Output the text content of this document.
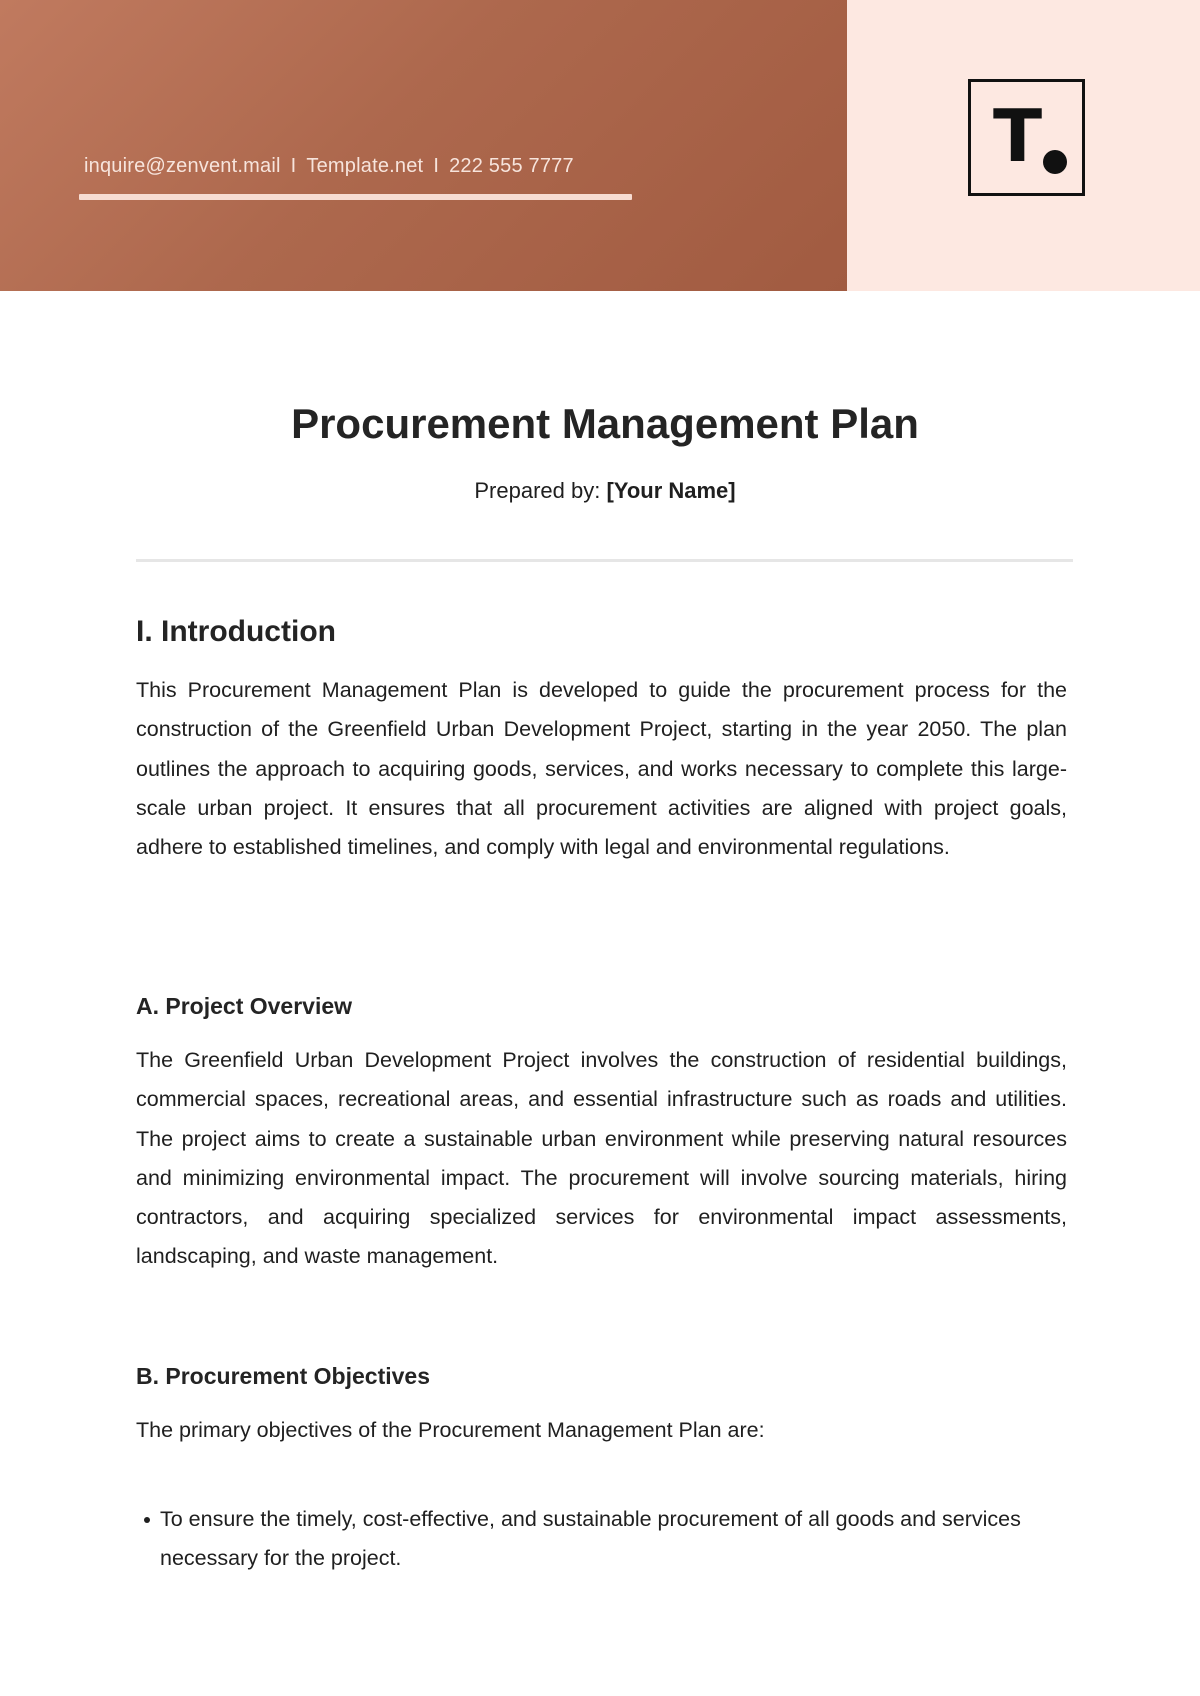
inquire@zenvent.mail I Template.net I 222 555 7777	T
Procurement Management Plan
Prepared by: [Your Name]
I. Introduction

This Procurement Management Plan is developed to guide the procurement process for the construction of the Greenfield Urban Development Project, starting in the year 2050. The plan outlines the approach to acquiring goods, services, and works necessary to complete this large-scale urban project. It ensures that all procurement activities are aligned with project goals, adhere to established timelines, and comply with legal and environmental regulations.

A. Project Overview

The Greenfield Urban Development Project involves the construction of residential buildings, commercial spaces, recreational areas, and essential infrastructure such as roads and utilities. The project aims to create a sustainable urban environment while preserving natural resources and minimizing environmental impact. The procurement will involve sourcing materials, hiring contractors, and acquiring specialized services for environmental impact assessments, landscaping, and waste management.

B. Procurement Objectives

The primary objectives of the Procurement Management Plan are:

To ensure the timely, cost-effective, and sustainable procurement of all goods and services necessary for the project.
